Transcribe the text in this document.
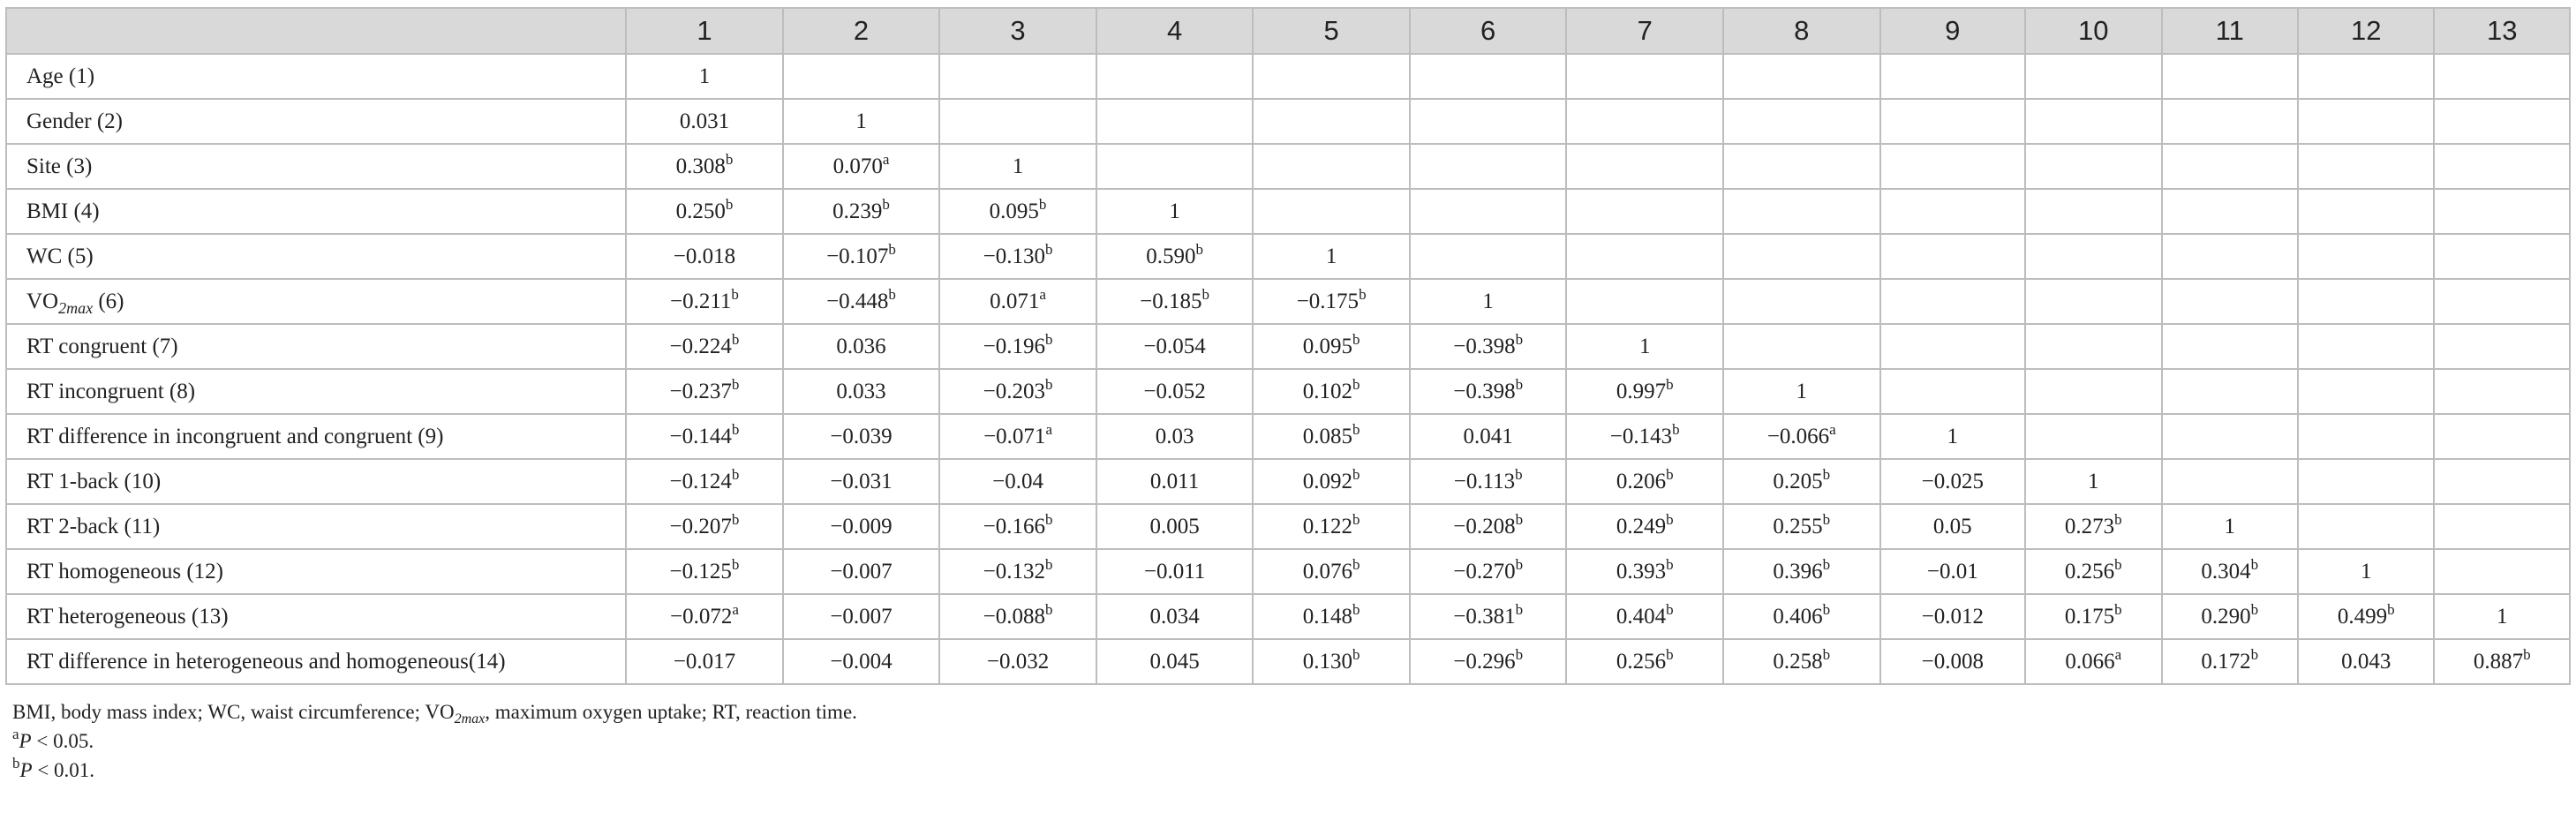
	1	2	3	4	5	6	7	8	9	10	11	12	13
Age (1)	1												
Gender (2)	0.031	1											
Site (3)	0.308$^b$	0.070$^a$	1										
BMI (4)	0.250$^b$	0.239$^b$	0.095$^b$	1									
WC (5)	−0.018	−0.107$^b$	−0.130$^b$	0.590$^b$	1								
$VO_{2max}$ (6)	−0.211$^b$	−0.448$^b$	0.071$^a$	−0.185$^b$	−0.175$^b$	1							
RT congruent (7)	−0.224$^b$	0.036	−0.196$^b$	−0.054	0.095$^b$	−0.398$^b$	1						
RT incongruent (8)	−0.237$^b$	0.033	−0.203$^b$	−0.052	0.102$^b$	−0.398$^b$	0.997$^b$	1					
RT difference in incongruent and congruent (9)	−0.144$^b$	−0.039	−0.071$^a$	0.03	0.085$^b$	0.041	−0.143$^b$	−0.066$^a$	1				
RT 1-back (10)	−0.124$^b$	−0.031	−0.04	0.011	0.092$^b$	−0.113$^b$	0.206$^b$	0.205$^b$	−0.025	1			
RT 2-back (11)	−0.207$^b$	−0.009	−0.166$^b$	0.005	0.122$^b$	−0.208$^b$	0.249$^b$	0.255$^b$	0.05	0.273$^b$	1		
RT homogeneous (12)	−0.125$^b$	−0.007	−0.132$^b$	−0.011	0.076$^b$	−0.270$^b$	0.393$^b$	0.396$^b$	−0.01	0.256$^b$	0.304$^b$	1	
RT heterogeneous (13)	−0.072$^a$	−0.007	−0.088$^b$	0.034	0.148$^b$	−0.381$^b$	0.404$^b$	0.406$^b$	−0.012	0.175$^b$	0.290$^b$	0.499$^b$	1
RT difference in heterogeneous and homogeneous(14)	−0.017	−0.004	−0.032	0.045	0.130$^b$	−0.296$^b$	0.256$^b$	0.258$^b$	−0.008	0.066$^a$	0.172$^b$	0.043	0.887$^b$
BMI, body mass index; WC, waist circumference; $VO_{2max}$, maximum oxygen uptake; RT, reaction time.
$^a$P < 0.05.
$^b$P < 0.01.
